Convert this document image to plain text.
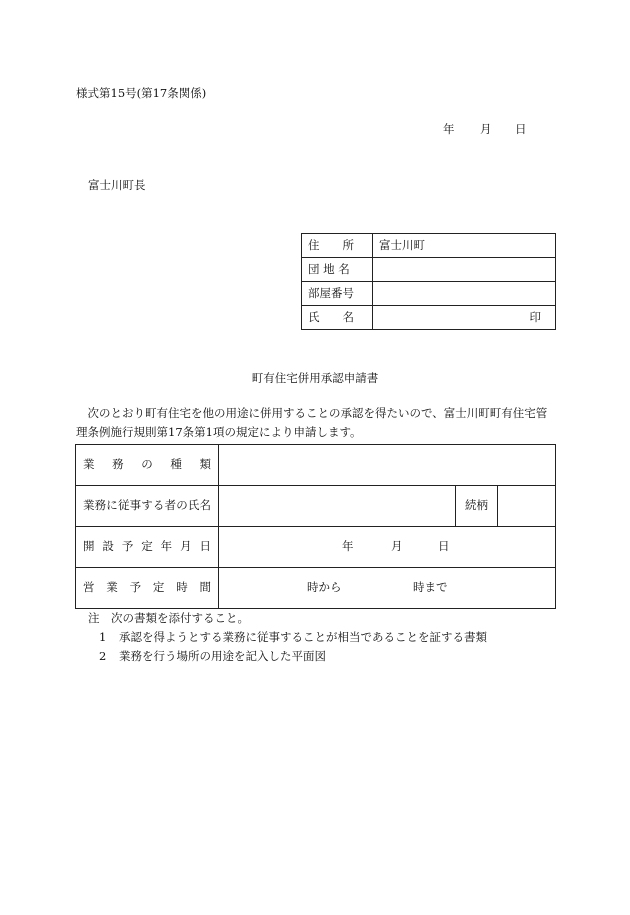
様式第15号(第17条関係)
年 月 日
富士川町長
住　　所	富士川町
団 地 名	
部屋番号	
氏　　名	印
町有住宅併用承認申請書
次のとおり町有住宅を他の用途に併用することの承認を得たいので、富士川町町有住宅管理条例施行規則第17条第1項の規定により申請します。
業務の種類			

業務に従事する者の氏名		続柄	

開設予定年月日	年 月 日		

営業予定時間	時から 時まで		
注　次の書類を添付すること。
1 承認を得ようとする業務に従事することが相当であることを証する書類
2 業務を行う場所の用途を記入した平面図
